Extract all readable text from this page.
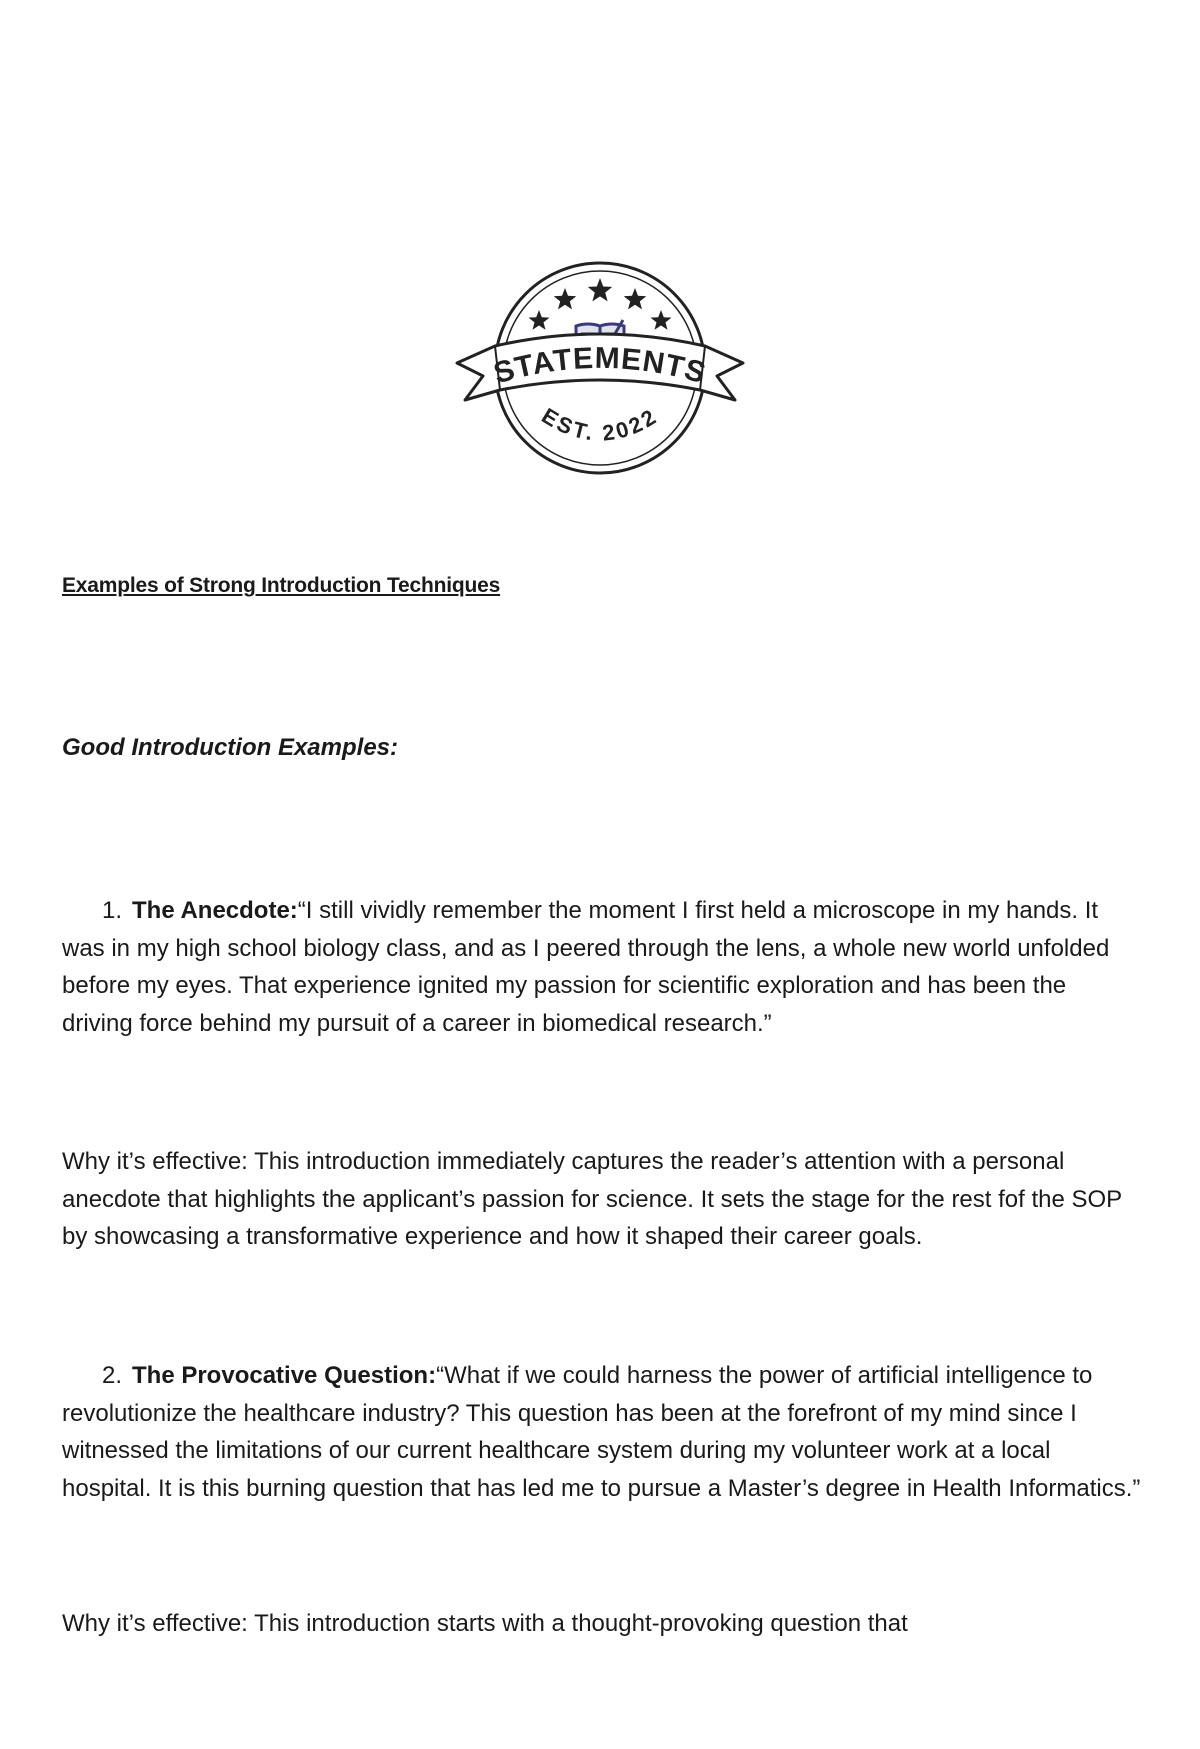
STATEMENTS
EST. 2022
Examples of Strong Introduction Techniques
Good Introduction Examples:

1. The Anecdote:“I still vividly remember the moment I first held a microscope in my hands. It was in my high school biology class, and as I peered through the lens, a whole new world unfolded before my eyes. That experience ignited my passion for scientific exploration and has been the driving force behind my pursuit of a career in biomedical research.”

Why it’s effective: This introduction immediately captures the reader’s attention with a personal anecdote that highlights the applicant’s passion for science. It sets the stage for the rest fof the SOP by showcasing a transformative experience and how it shaped their career goals.

2. The Provocative Question:“What if we could harness the power of artificial intelligence to revolutionize the healthcare industry? This question has been at the forefront of my mind since I witnessed the limitations of our current healthcare system during my volunteer work at a local hospital. It is this burning question that has led me to pursue a Master’s degree in Health Informatics.”

Why it’s effective: This introduction starts with a thought-provoking question that
